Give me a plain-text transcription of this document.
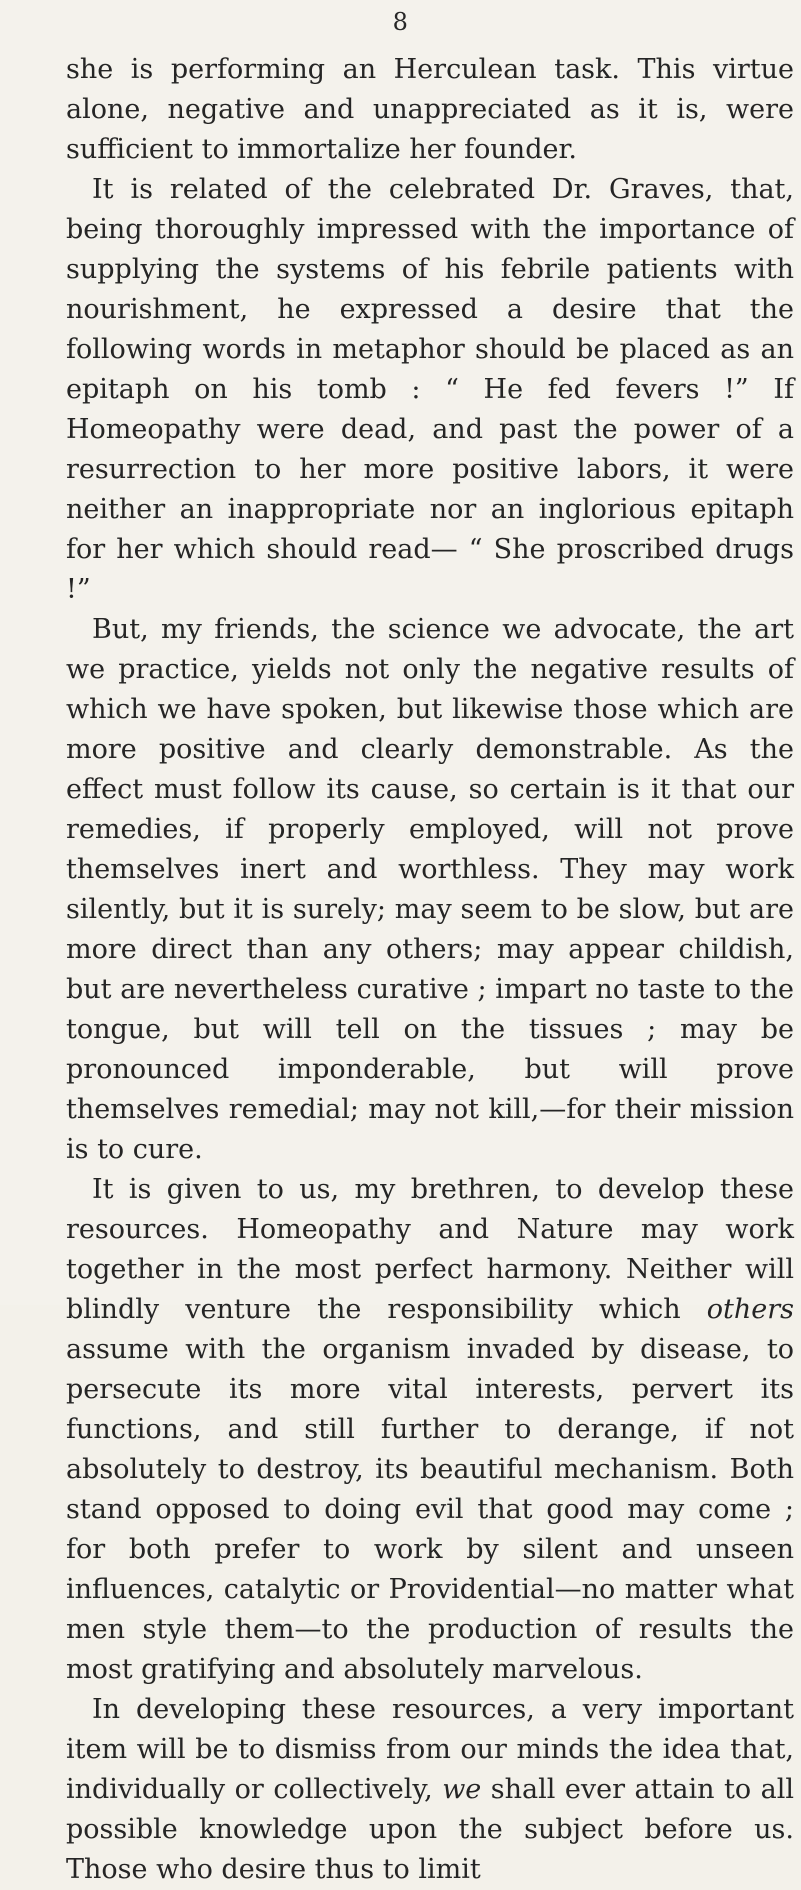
8

she is performing an Herculean task. This virtue alone, negative and unappreciated as it is, were sufficient to immortalize her founder.

It is related of the celebrated Dr. Graves, that, being thoroughly impressed with the importance of supplying the systems of his febrile patients with nourishment, he expressed a desire that the following words in metaphor should be placed as an epitaph on his tomb : “ He fed fevers !” If Homeopathy were dead, and past the power of a resurrection to her more positive labors, it were neither an inappropriate nor an inglorious epitaph for her which should read— “ She proscribed drugs !”

But, my friends, the science we advocate, the art we practice, yields not only the negative results of which we have spoken, but likewise those which are more positive and clearly demonstrable. As the effect must follow its cause, so certain is it that our remedies, if properly employed, will not prove themselves inert and worthless. They may work silently, but it is surely; may seem to be slow, but are more direct than any others; may appear childish, but are nevertheless curative ; impart no taste to the tongue, but will tell on the tissues ; may be pronounced imponderable, but will prove themselves remedial; may not kill,—for their mission is to cure.

It is given to us, my brethren, to develop these resources. Homeopathy and Nature may work together in the most perfect harmony. Neither will blindly venture the responsibility which others assume with the organism invaded by disease, to persecute its more vital interests, pervert its functions, and still further to derange, if not absolutely to destroy, its beautiful mechanism. Both stand opposed to doing evil that good may come ; for both prefer to work by silent and unseen influences, catalytic or Providential—no matter what men style them—to the production of results the most gratifying and absolutely marvelous.

In developing these resources, a very important item will be to dismiss from our minds the idea that, individually or collectively, we shall ever attain to all possible knowledge upon the subject before us. Those who desire thus to limit
